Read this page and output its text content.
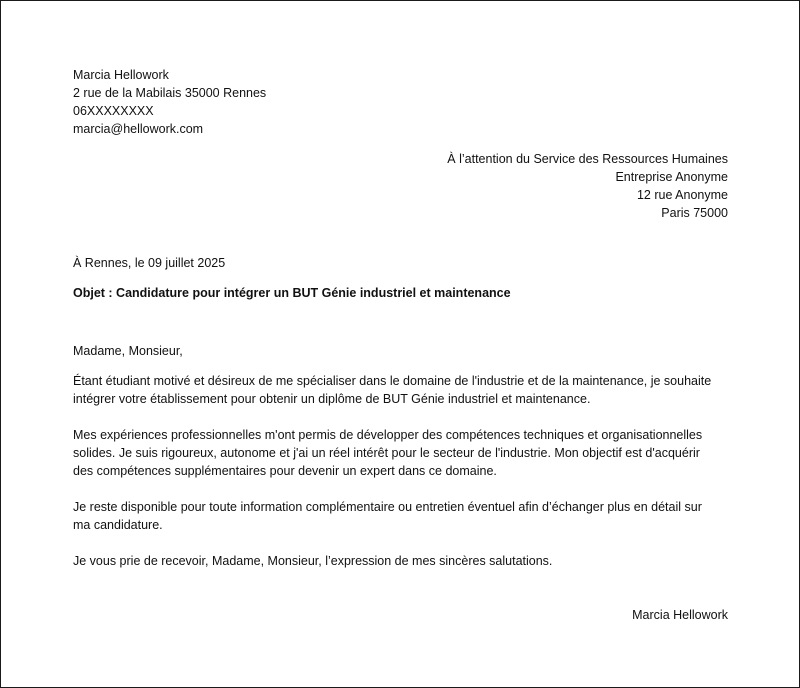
Marcia Hellowork
2 rue de la Mabilais 35000 Rennes
06XXXXXXXX
marcia@hellowork.com
À l’attention du Service des Ressources Humaines
Entreprise Anonyme
12 rue Anonyme
Paris 75000
À Rennes, le 09 juillet 2025
Objet : Candidature pour intégrer un BUT Génie industriel et maintenance
Madame, Monsieur,
Étant étudiant motivé et désireux de me spécialiser dans le domaine de l'industrie et de la maintenance, je souhaite
intégrer votre établissement pour obtenir un diplôme de BUT Génie industriel et maintenance.
Mes expériences professionnelles m'ont permis de développer des compétences techniques et organisationnelles
solides. Je suis rigoureux, autonome et j'ai un réel intérêt pour le secteur de l'industrie. Mon objectif est d'acquérir
des compétences supplémentaires pour devenir un expert dans ce domaine.
Je reste disponible pour toute information complémentaire ou entretien éventuel afin d’échanger plus en détail sur
ma candidature.
Je vous prie de recevoir, Madame, Monsieur, l’expression de mes sincères salutations.
Marcia Hellowork
